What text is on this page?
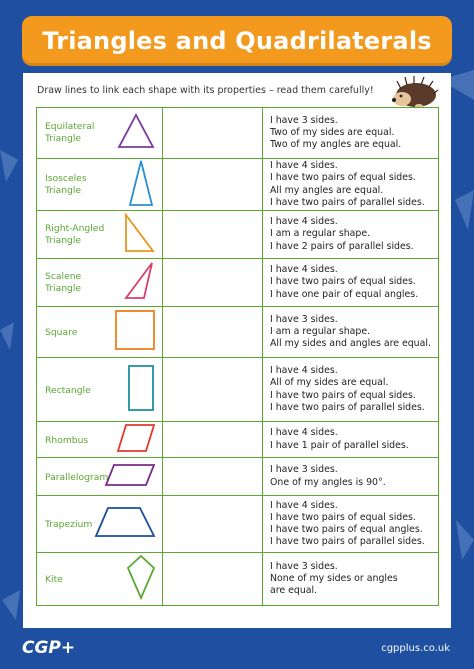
Triangles and Quadrilaterals
Draw lines to link each shape with its properties – read them carefully!
Equilateral Triangle		I have 3 sides.
Two of my sides are equal.
Two of my angles are equal.

Isosceles Triangle		I have 4 sides.
I have two pairs of equal sides.
All my angles are equal.
I have two pairs of parallel sides.

Right-Angled Triangle		I have 4 sides.
I am a regular shape.
I have 2 pairs of parallel sides.

Scalene Triangle		I have 4 sides.
I have two pairs of equal sides.
I have one pair of equal angles.

Square		I have 3 sides.
I am a regular shape.
All my sides and angles are equal.

Rectangle		I have 4 sides.
All of my sides are equal.
I have two pairs of equal sides.
I have two pairs of parallel sides.

Rhombus		I have 4 sides.
I have 1 pair of parallel sides.

Parallelogram		I have 3 sides.
One of my angles is 90°.

Trapezium		I have 4 sides.
I have two pairs of equal sides.
I have two pairs of equal angles.
I have two pairs of parallel sides.

Kite		I have 3 sides.
None of my sides or angles
are equal.
CGP+	cgpplus.co.uk
